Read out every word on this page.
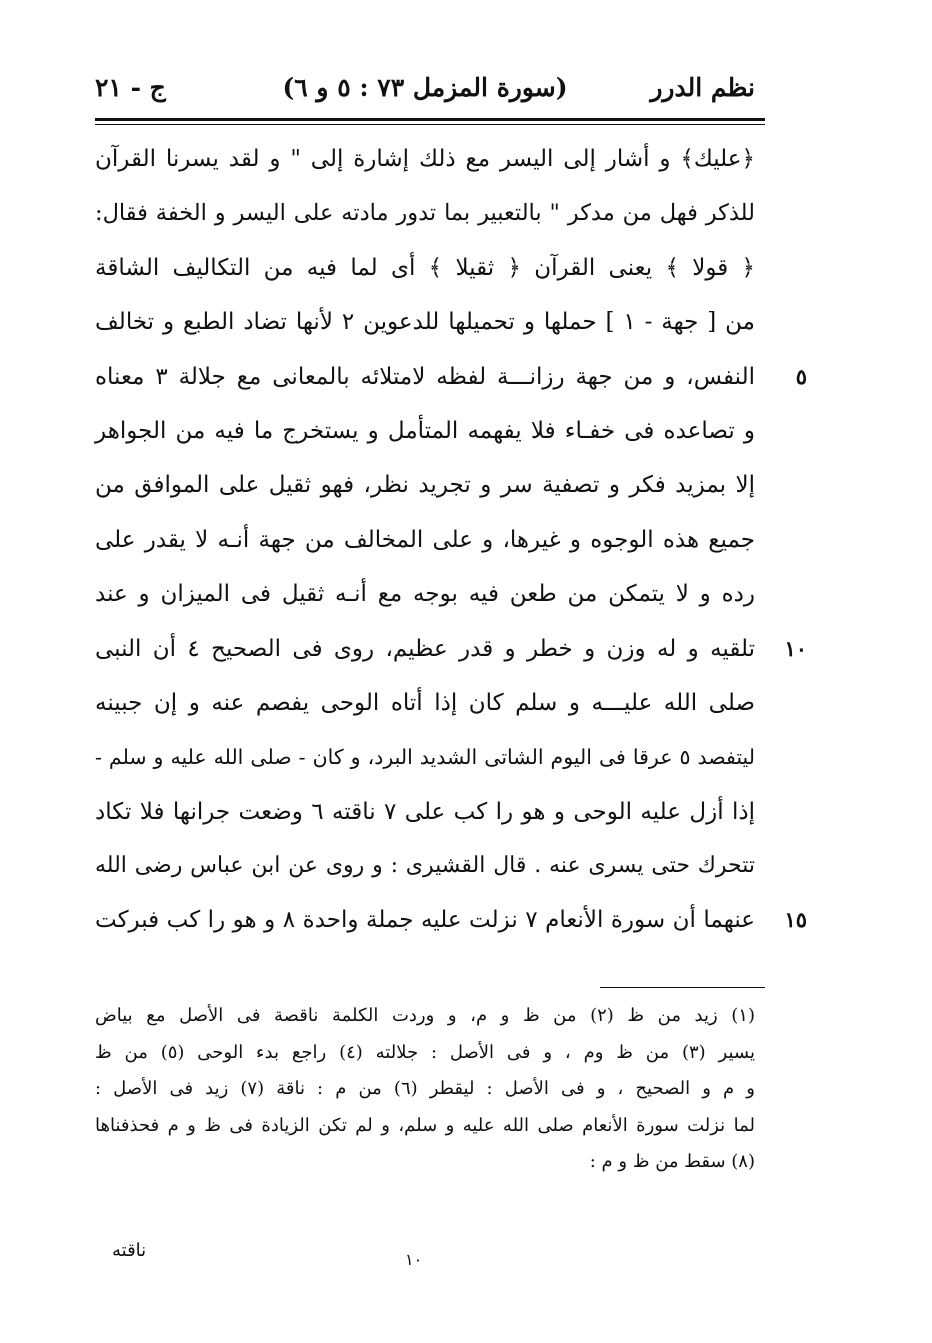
نظم الدرر
(سورة المزمل ٧٣ : ٥ و ٦)
ج - ٢١
﴿عليك﴾ و أشار إلى اليسر مع ذلك إشارة إلى " و لقد يسرنا القرآن
للذكر فهل من مدكر " بالتعبير بما تدور مادته على اليسر و الخفة فقال:
﴿ قولا ﴾ يعنى القرآن ﴿ ثقيلا ﴾ أى لما فيه من التكاليف الشاقة
من [ جهة - ١ ] حملها و تحميلها للدعوين ٢ لأنها تضاد الطبع و تخالف
٥
النفس، و من جهة رزانـــة لفظه لامتلائه بالمعانى مع جلالة ٣ معناه
و تصاعده فى خفـاء فلا يفهمه المتأمل و يستخرج ما فيه من الجواهر
إلا بمزيد فكر و تصفية سر و تجريد نظر، فهو ثقيل على الموافق من
جميع هذه الوجوه و غيرها، و على المخالف من جهة أنـه لا يقدر على
رده و لا يتمكن من طعن فيه بوجه مع أنـه ثقيل فى الميزان و عند
١٠
تلقيه و له وزن و خطر و قدر عظيم، روى فى الصحيح ٤ أن النبى
صلى الله عليـــه و سلم كان إذا أتاه الوحى يفصم عنه و إن جبينه
ليتفصد ٥ عرقا فى اليوم الشاتى الشديد البرد، و كان - صلى الله عليه و سلم -
إذا أزل عليه الوحى و هو را كب على ٧ ناقته ٦ وضعت جرانها فلا تكاد
تتحرك حتى يسرى عنه . قال القشيرى : و روى عن ابن عباس رضى الله
١٥
عنهما أن سورة الأنعام ٧ نزلت عليه جملة واحدة ٨ و هو را كب فبركت
(١) زيد من ظ (٢) من ظ و م، و وردت الكلمة ناقصة فى الأصل مع بياض
يسير (٣) من ظ وم ، و فى الأصل : جلالته (٤) راجع بدء الوحى (٥) من ظ
و م و الصحيح ، و فى الأصل : ليقطر (٦) من م : ناقة (٧) زيد فى الأصل :
لما نزلت سورة الأنعام صلى الله عليه و سلم، و لم تكن الزيادة فى ظ و م فحذفناها
(٨) سقط من ظ و م :
ناقته	١٠
